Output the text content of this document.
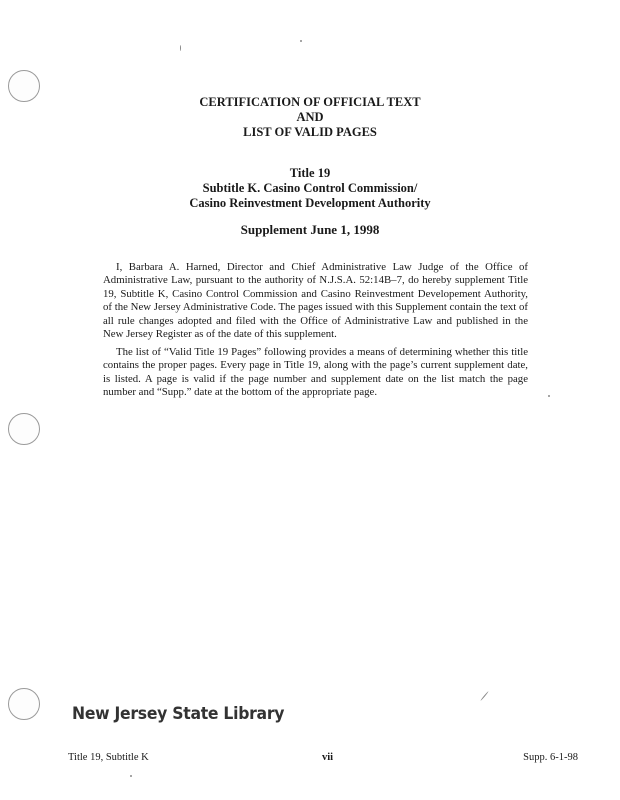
CERTIFICATION OF OFFICIAL TEXT
AND
LIST OF VALID PAGES
Title 19
Subtitle K. Casino Control Commission/
Casino Reinvestment Development Authority
Supplement June 1, 1998

I, Barbara A. Harned, Director and Chief Administrative Law Judge of the Office of Administrative Law, pursuant to the authority of N.J.S.A. 52:14B–7, do hereby supplement Title 19, Subtitle K, Casino Control Commission and Casino Reinvestment Developement Authority, of the New Jersey Administrative Code. The pages issued with this Supplement contain the text of all rule changes adopted and filed with the Office of Administrative Law and published in the New Jersey Register as of the date of this supplement.

The list of “Valid Title 19 Pages” following provides a means of determining whether this title contains the proper pages. Every page in Title 19, along with the page’s current supplement date, is listed. A page is valid if the page number and supplement date on the list match the page number and “Supp.” date at the bottom of the appropriate page.

New Jersey State Library
Title 19, Subtitle K	vii	Supp. 6-1-98
